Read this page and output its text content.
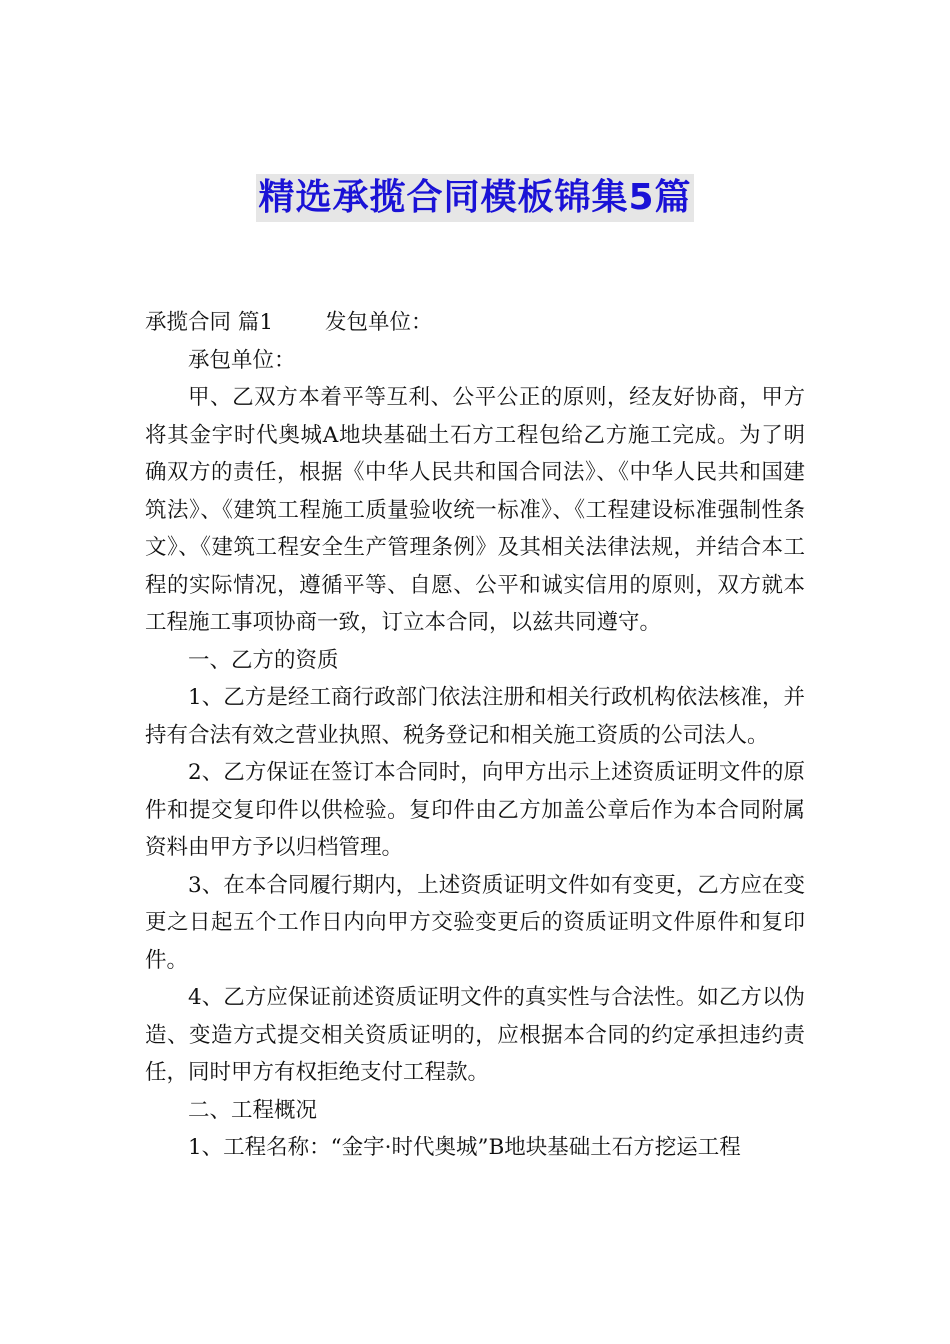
精选承揽合同模板锦集5篇

承揽合同 篇1 发包单位：

承包单位：

甲、乙双方本着平等互利、公平公正的原则，经友好协商，甲方将其金宇时代奥城A地块基础土石方工程包给乙方施工完成。为了明确双方的责任，根据《中华人民共和国合同法》、《中华人民共和国建筑法》、《建筑工程施工质量验收统一标准》、《工程建设标准强制性条文》、《建筑工程安全生产管理条例》及其相关法律法规，并结合本工程的实际情况，遵循平等、自愿、公平和诚实信用的原则，双方就本工程施工事项协商一致，订立本合同，以兹共同遵守。

一、乙方的资质

1、乙方是经工商行政部门依法注册和相关行政机构依法核准，并持有合法有效之营业执照、税务登记和相关施工资质的公司法人。

2、乙方保证在签订本合同时，向甲方出示上述资质证明文件的原件和提交复印件以供检验。复印件由乙方加盖公章后作为本合同附属资料由甲方予以归档管理。

3、在本合同履行期内，上述资质证明文件如有变更，乙方应在变更之日起五个工作日内向甲方交验变更后的资质证明文件原件和复印件。

4、乙方应保证前述资质证明文件的真实性与合法性。如乙方以伪造、变造方式提交相关资质证明的，应根据本合同的约定承担违约责任，同时甲方有权拒绝支付工程款。

二、工程概况

1、工程名称：“金宇·时代奥城”B地块基础土石方挖运工程
